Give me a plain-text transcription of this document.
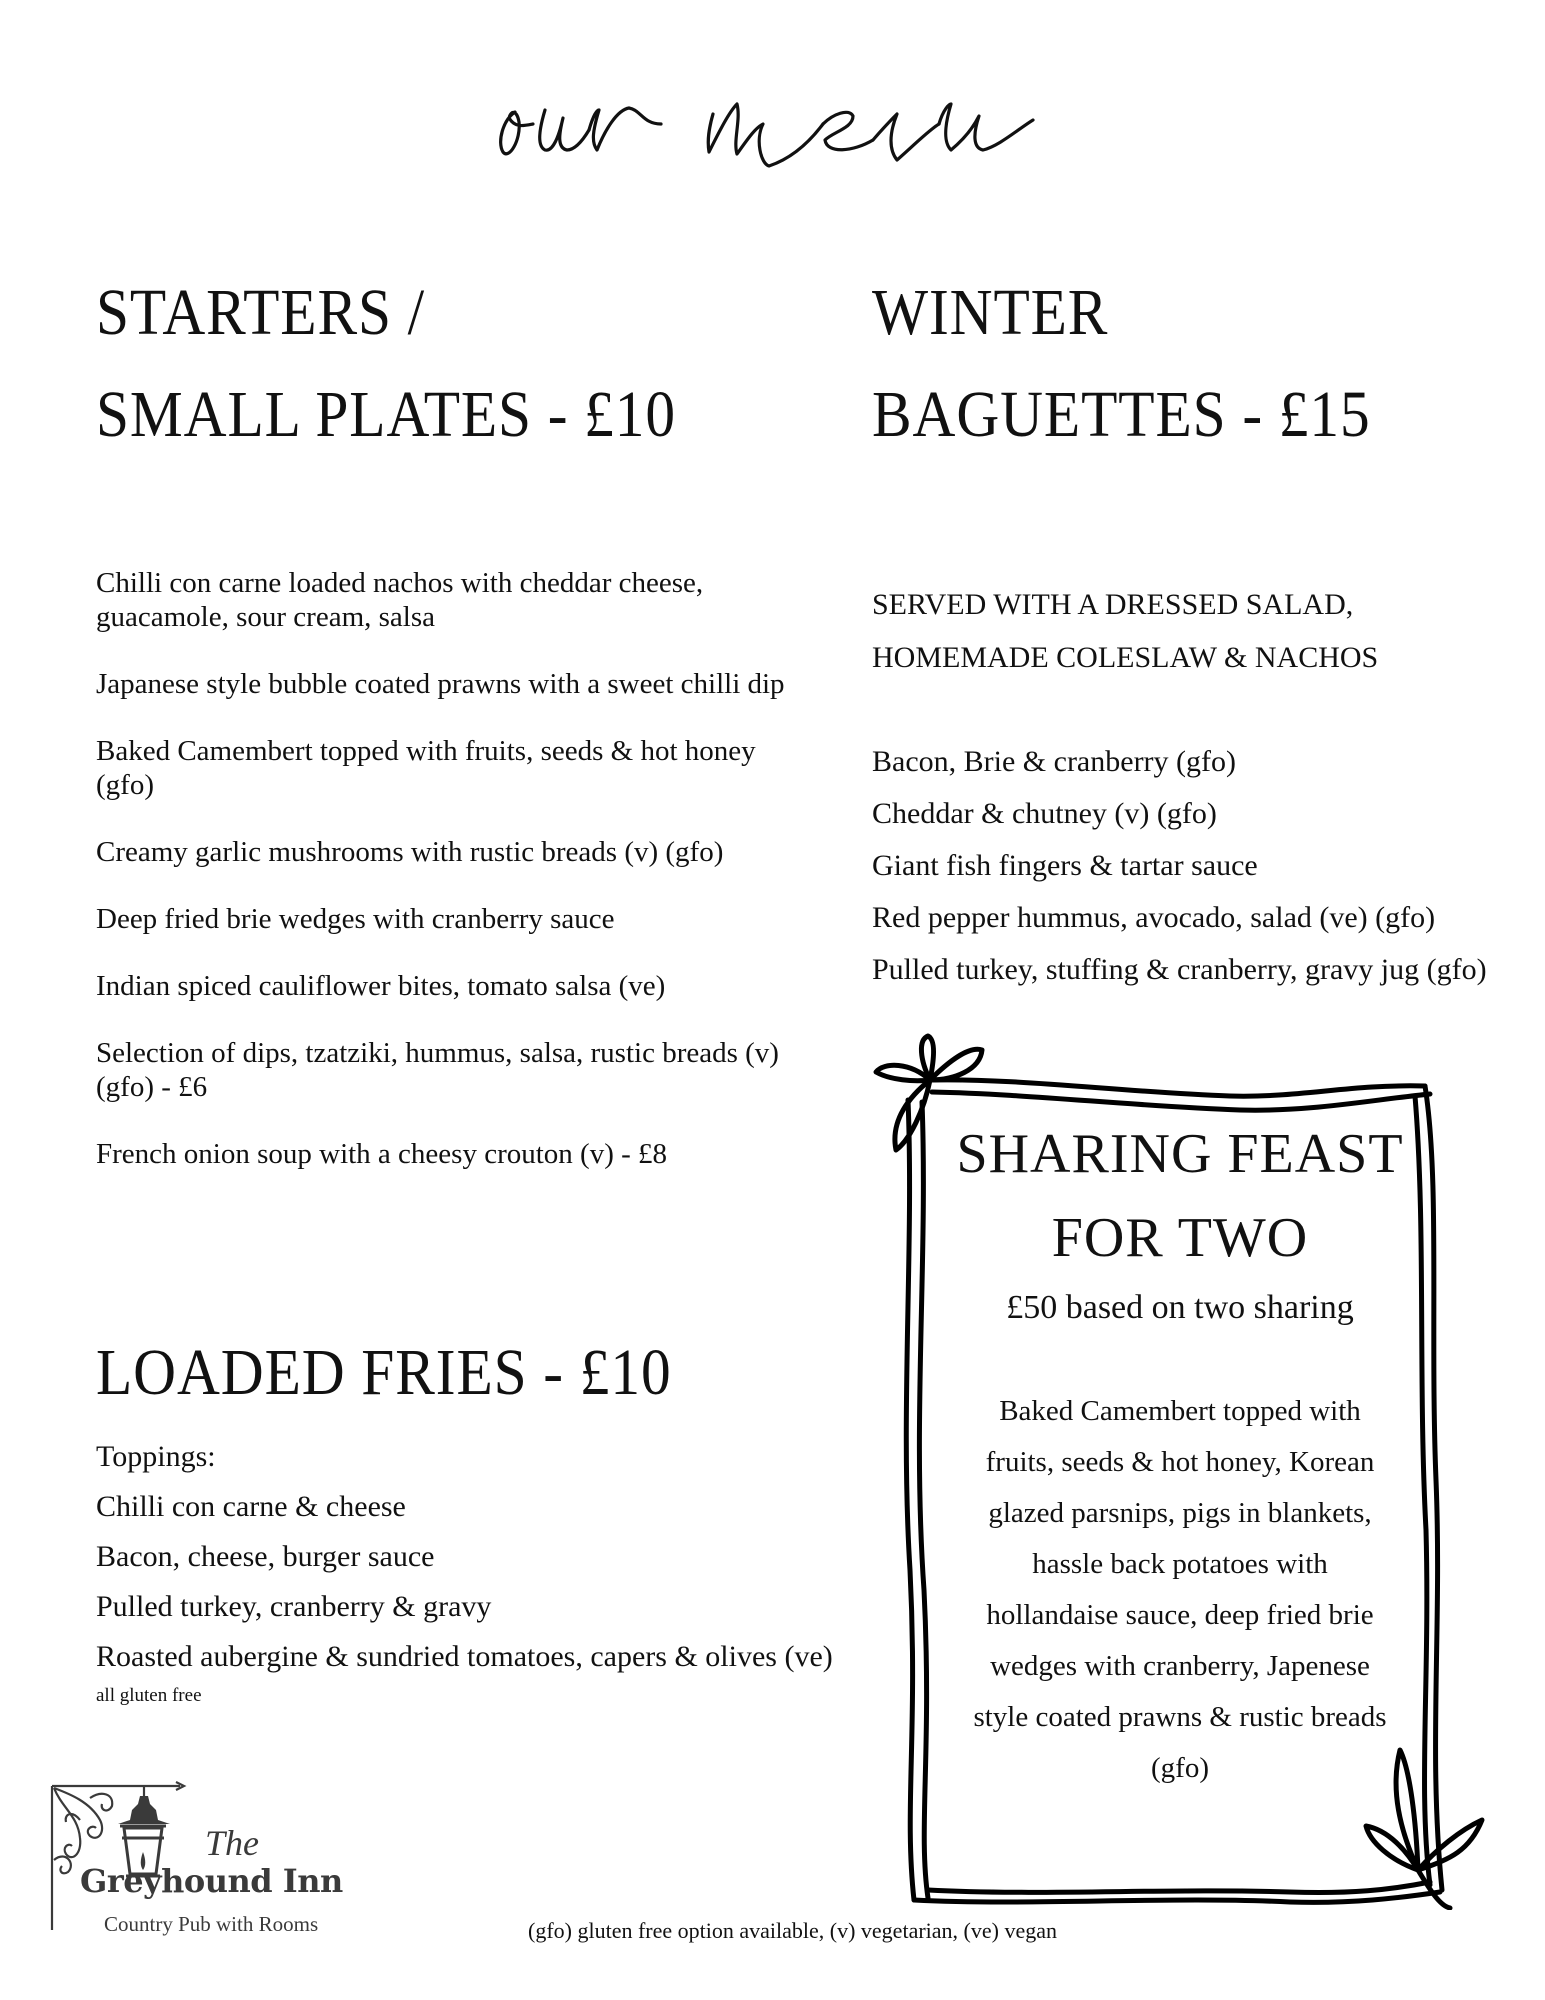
STARTERS /
SMALL PLATES - £10
Chilli con carne loaded nachos with cheddar cheese, guacamole, sour cream, salsa
Japanese style bubble coated prawns with a sweet chilli dip
Baked Camembert topped with fruits, seeds & hot honey (gfo)
Creamy garlic mushrooms with rustic breads (v) (gfo)
Deep fried brie wedges with cranberry sauce
Indian spiced cauliflower bites, tomato salsa (ve)
Selection of dips, tzatziki, hummus, salsa, rustic breads (v) (gfo) - £6
French onion soup with a cheesy crouton (v) - £8
WINTER
BAGUETTES - £15
SERVED WITH A DRESSED SALAD,
HOMEMADE COLESLAW & NACHOS
Bacon, Brie & cranberry (gfo)
Cheddar & chutney (v) (gfo)
Giant fish fingers & tartar sauce
Red pepper hummus, avocado, salad (ve) (gfo)
Pulled turkey, stuffing & cranberry, gravy jug (gfo)
LOADED FRIES - £10
Toppings:
Chilli con carne & cheese
Bacon, cheese, burger sauce
Pulled turkey, cranberry & gravy
Roasted aubergine & sundried tomatoes, capers & olives (ve)
all gluten free
SHARING FEAST
FOR TWO
£50 based on two sharing
Baked Camembert topped with
fruits, seeds & hot honey, Korean
glazed parsnips, pigs in blankets,
hassle back potatoes with
hollandaise sauce, deep fried brie
wedges with cranberry, Japenese
style coated prawns & rustic breads
(gfo)
The
Greyhound Inn
Country Pub with Rooms	(gfo) gluten free option available, (v) vegetarian, (ve) vegan
